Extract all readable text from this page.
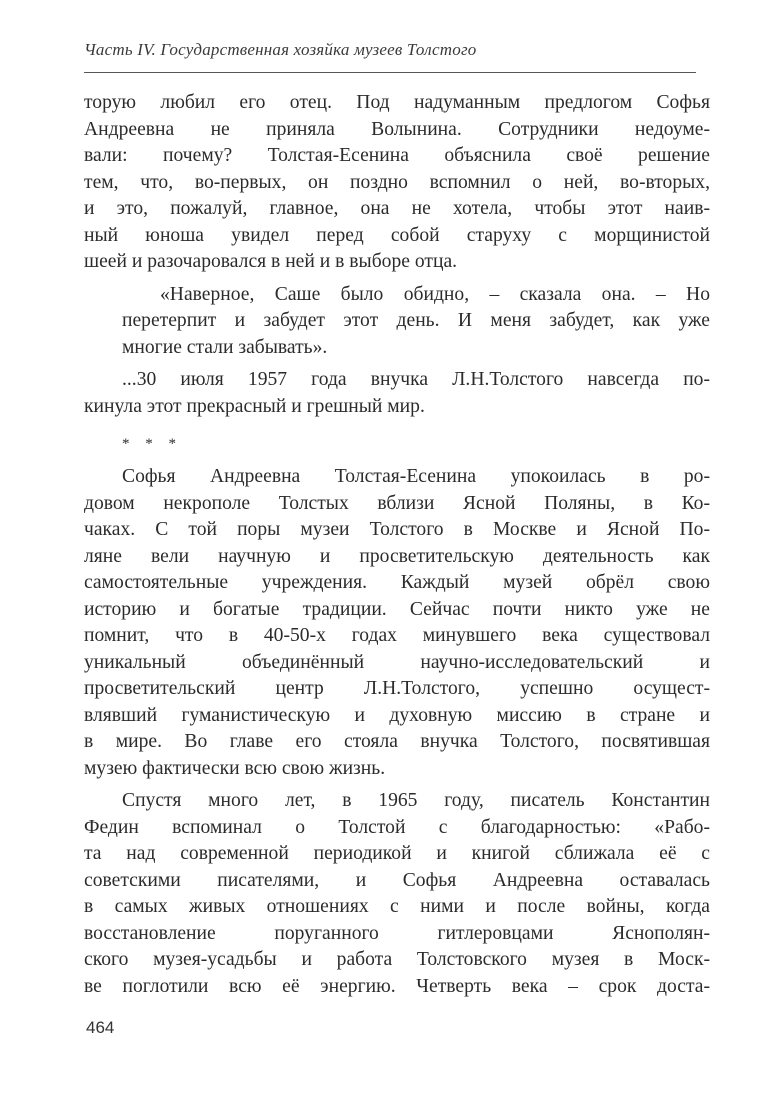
Часть IV. Государственная хозяйка музеев Толстого

торую любил его отец. Под надуманным предлогом Софья
Андреевна не приняла Волынина. Сотрудники недоуме-
вали: почему? Толстая-Есенина объяснила своё решение
тем, что, во-первых, он поздно вспомнил о ней, во-вторых,
и это, пожалуй, главное, она не хотела, чтобы этот наив-
ный юноша увидел перед собой старуху с морщинистой
шеей и разочаровался в ней и в выборе отца.

«Наверное, Саше было обидно, – сказала она. – Но
перетерпит и забудет этот день. И меня забудет, как уже
многие стали забывать».

...30 июля 1957 года внучка Л.Н.Толстого навсегда по-
кинула этот прекрасный и грешный мир.

* * *

Софья Андреевна Толстая-Есенина упокоилась в ро-
довом некрополе Толстых вблизи Ясной Поляны, в Ко-
чаках. С той поры музеи Толстого в Москве и Ясной По-
ляне вели научную и просветительскую деятельность как
самостоятельные учреждения. Каждый музей обрёл свою
историю и богатые традиции. Сейчас почти никто уже не
помнит, что в 40-50-х годах минувшего века существовал
уникальный объединённый научно-исследовательский и
просветительский центр Л.Н.Толстого, успешно осущест-
влявший гуманистическую и духовную миссию в стране и
в мире. Во главе его стояла внучка Толстого, посвятившая
музею фактически всю свою жизнь.

Спустя много лет, в 1965 году, писатель Константин
Федин вспоминал о Толстой с благодарностью: «Рабо-
та над современной периодикой и книгой сближала её с
советскими писателями, и Софья Андреевна оставалась
в самых живых отношениях с ними и после войны, когда
восстановление поруганного гитлеровцами Яснополян-
ского музея-усадьбы и работа Толстовского музея в Моск-
ве поглотили всю её энергию. Четверть века – срок доста-

464
